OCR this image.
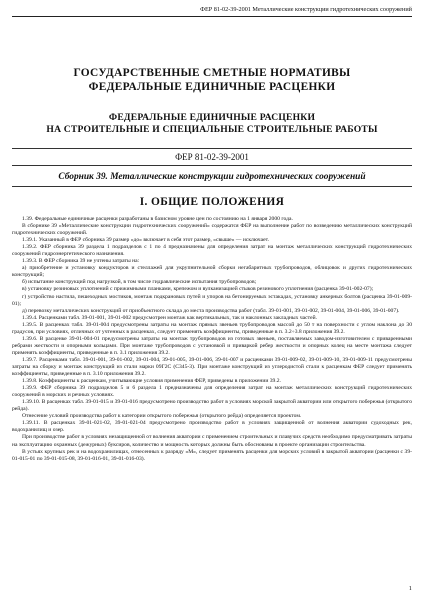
ФЕР 81-02-39-2001 Металлические конструкции гидротехнических сооружений
ГОСУДАРСТВЕННЫЕ СМЕТНЫЕ НОРМАТИВЫ
ФЕДЕРАЛЬНЫЕ ЕДИНИЧНЫЕ РАСЦЕНКИ
ФЕДЕРАЛЬНЫЕ ЕДИНИЧНЫЕ РАСЦЕНКИ
НА СТРОИТЕЛЬНЫЕ И СПЕЦИАЛЬНЫЕ СТРОИТЕЛЬНЫЕ РАБОТЫ
ФЕР 81-02-39-2001
Сборник 39. Металлические конструкции гидротехнических сооружений
I. ОБЩИЕ ПОЛОЖЕНИЯ

1.39. Федеральные единичные расценки разработаны в базисном уровне цен по состоянию на 1 января 2000 года.

В сборнике 39 «Металлические конструкции гидротехнических сооружений» содержатся ФЕР на выполнение работ по возведению металлических конструкций гидротехнических сооружений.

1.39.1. Указанный в ФЕР сборника 39 размер «до» включает в себя этот размер, «свыше» — исключает.

1.39.2. ФЕР сборника 39 раздела 1 подразделов с 1 по 4 предназначены для определения затрат на монтаж металлических конструкций гидротехнических сооружений гидроэнергетического назначения.

1.39.3. В ФЕР сборника 39 не учтены затраты на:

а) приобретение и установку кондукторов и стеллажей для укрупнительной сборки негабаритных трубопроводов, облицовок и других гидротехнических конструкций;

б) испытание конструкций под нагрузкой, в том числе гидравлические испытания трубопроводов;

в) установку резиновых уплотнений с прижимными планками, крепежом и вулканизацией стыков резинового уплотнения (расценка 39-01-002-07);

г) устройство настила, пешеходных мостиков, монтаж подкрановых путей и упоров на бетонируемых эстакадах, установку анкерных болтов (расценка 39-01-009-01);

д) перевозку металлических конструкций от приобъектного склада до места производства работ (табл. 39-01-001, 39-01-002, 39-01-004, 39-01-006, 39-01-007).

1.39.4. Расценками табл. 39-01-001, 39-01-002 предусмотрен монтаж как вертикальных, так и наклонных закладных частей.

1.39.5. В расценках табл. 39-01-004 предусмотрены затраты на монтаж прямых звеньев трубопроводов массой до 50 т на поверхности с углом наклона до 30 градусов, при условиях, отличных от учтенных в расценках, следует применять коэффициенты, приведенные в п. 3.2÷3.8 приложения 39.2.

1.39.6. В расценке 39-01-004-01 предусмотрены затраты на монтаж трубопроводов из готовых звеньев, поставляемых заводом-изготовителем с приваренными ребрами жесткости и опорными кольцами. При монтаже трубопроводов с установкой и приваркой ребер жесткости и опорных колец на месте монтажа следует применять коэффициенты, приведенные в п. 3.1 приложения 39.2.

1.39.7. Расценками табл. 39-01-001, 39-01-002, 39-01-004, 39-01-005, 39-01-006, 39-01-007 и расценками 39-01-009-02, 39-01-009-10, 39-01-009-11 предусмотрены затраты на сборку и монтаж конструкций из стали марки 09Г2С (С345-3). При монтаже конструкций из углеродистой стали к расценкам ФЕР следует применять коэффициенты, приведенные в п. 3.10 приложения 39.2.

1.39.8. Коэффициенты к расценкам, учитывающие условия применения ФЕР, приведены в приложении 39.2.

1.39.9. ФЕР сборника 39 подразделов 5 и 6 раздела 1 предназначены для определения затрат на монтаж металлических конструкций гидротехнических сооружений в морских и речных условиях.

1.39.10. В расценках табл. 39-01-015 и 39-01-016 предусмотрено производство работ в условиях морской закрытой акватории или открытого побережья (открытого рейда).

Отнесение условий производства работ к категории открытого побережья (открытого рейда) определяется проектом.

1.39.11. В расценках 39-01-021-02, 39-01-021-04 предусмотрено производство работ в условиях защищенной от волнения акватории судоходных рек, водохранилищ и озер.

При производстве работ в условиях незащищенной от волнения акватории с применением строительных и плавучих средств необходимо предусматривать затраты на эксплуатацию охранных (дежурных) буксиров, количество и мощность которых должны быть обоснованы в проекте организации строительства.

В устьях крупных рек и на водохранилищах, отнесенных к разряду «М», следует применять расценки для морских условий в закрытой акватории (расценки с 39-01-015-01 по 39-01-015-08, 39-01-016-01, 39-01-016-03).

1
